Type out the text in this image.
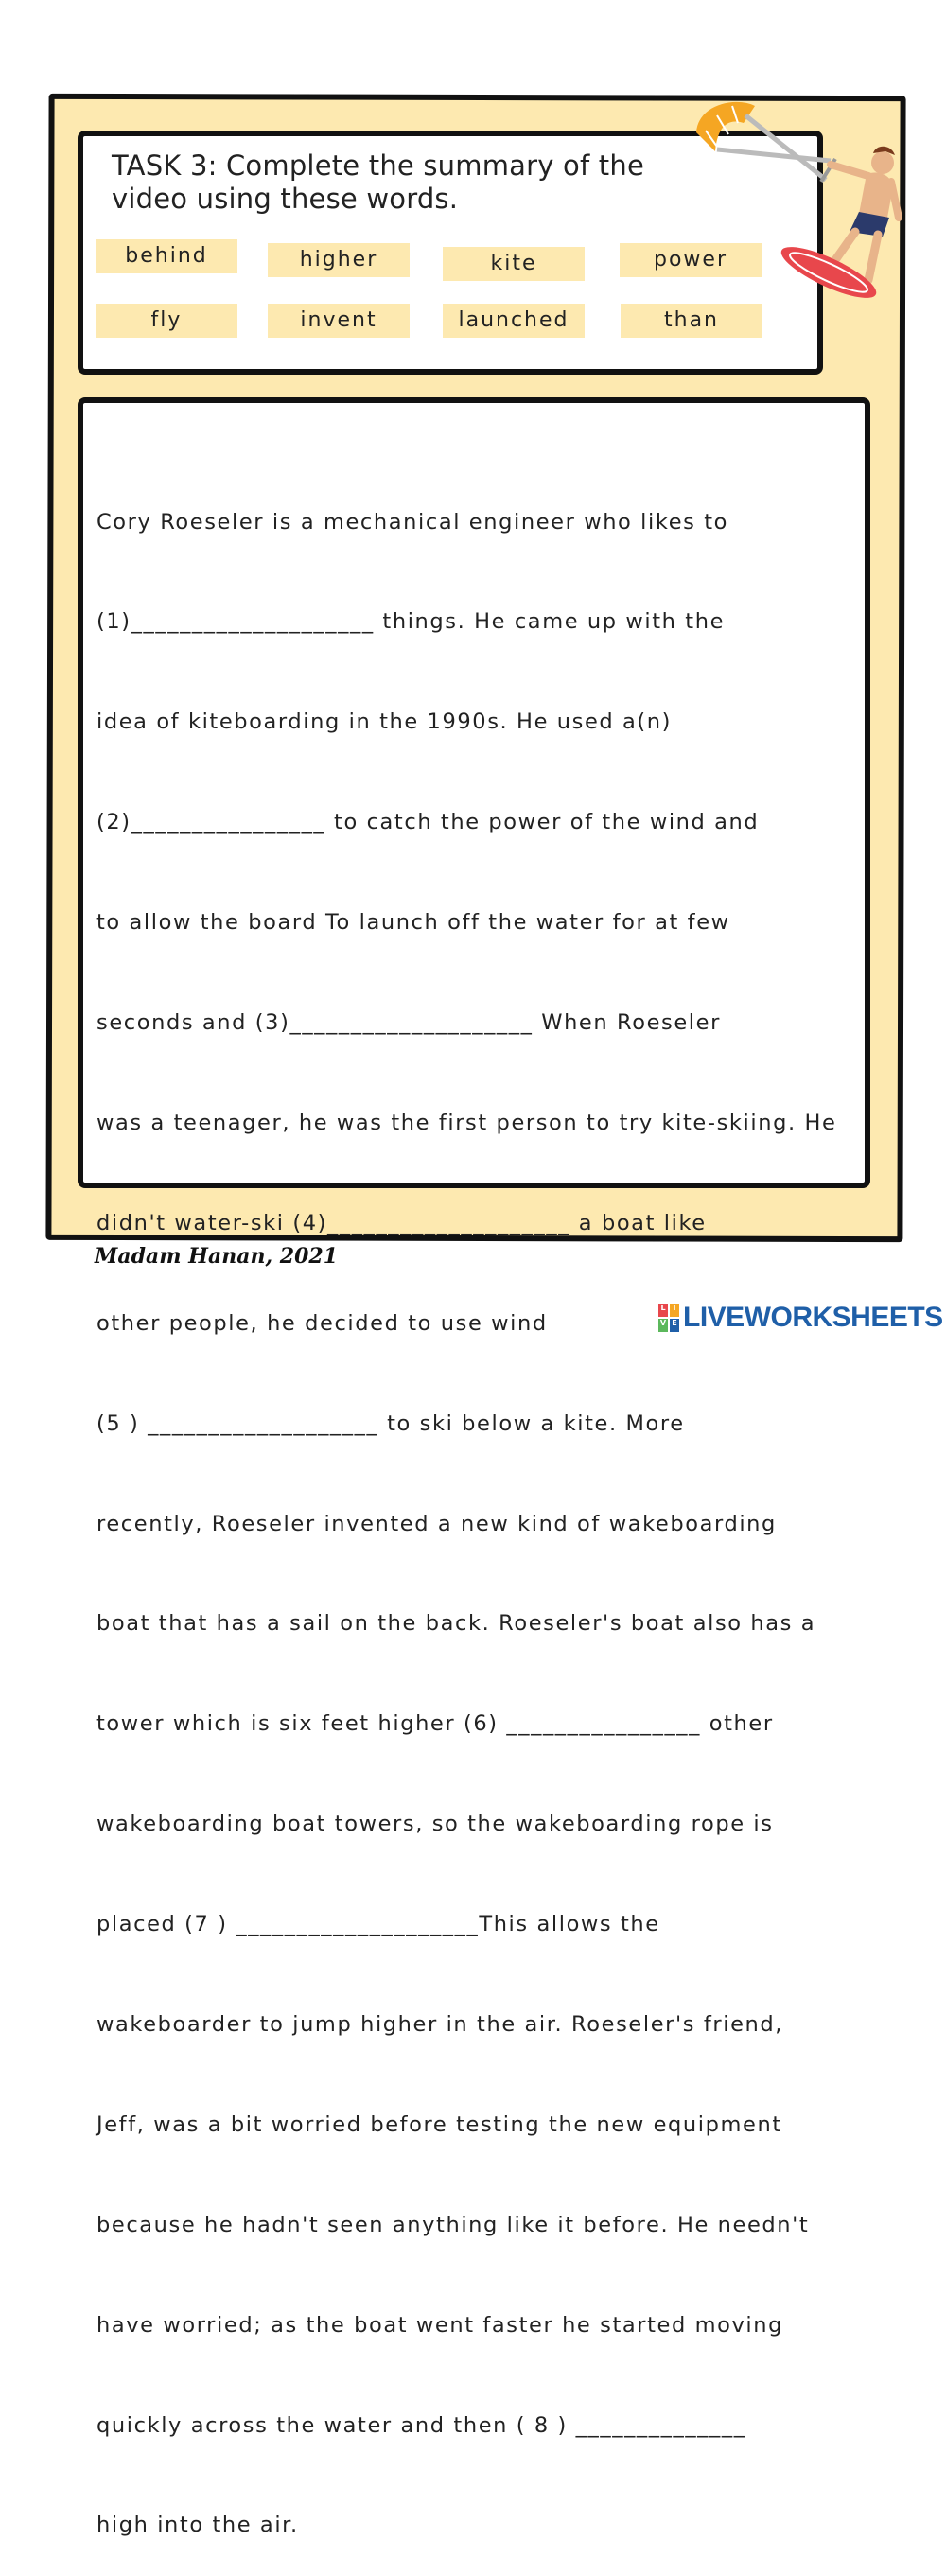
TASK 3: Complete the summary of the
video using these words.
behind	higher	kite	power
fly	invent	launched	than

Cory Roeseler is a mechanical engineer who likes to

(1)____________________ things. He came up with the

idea of kiteboarding in the 1990s. He used a(n)

(2)________________ to catch the power of the wind and

to allow the board To launch off the water for at few

seconds and (3)____________________ When Roeseler

was a teenager, he was the first person to try kite-skiing. He

didn't water-ski (4)____________________ a boat like

other people, he decided to use wind

(5 ) ___________________ to ski below a kite. More

recently, Roeseler invented a new kind of wakeboarding

boat that has a sail on the back. Roeseler's boat also has a

tower which is six feet higher (6) ________________ other

wakeboarding boat towers, so the wakeboarding rope is

placed (7 ) ____________________This allows the

wakeboarder to jump higher in the air. Roeseler's friend,

Jeff, was a bit worried before testing the new equipment

because he hadn't seen anything like it before. He needn't

have worried; as the boat went faster he started moving

quickly across the water and then ( 8 ) ______________

high into the air.

Madam Hanan, 2021
L I
V E LIVEWORKSHEETS
